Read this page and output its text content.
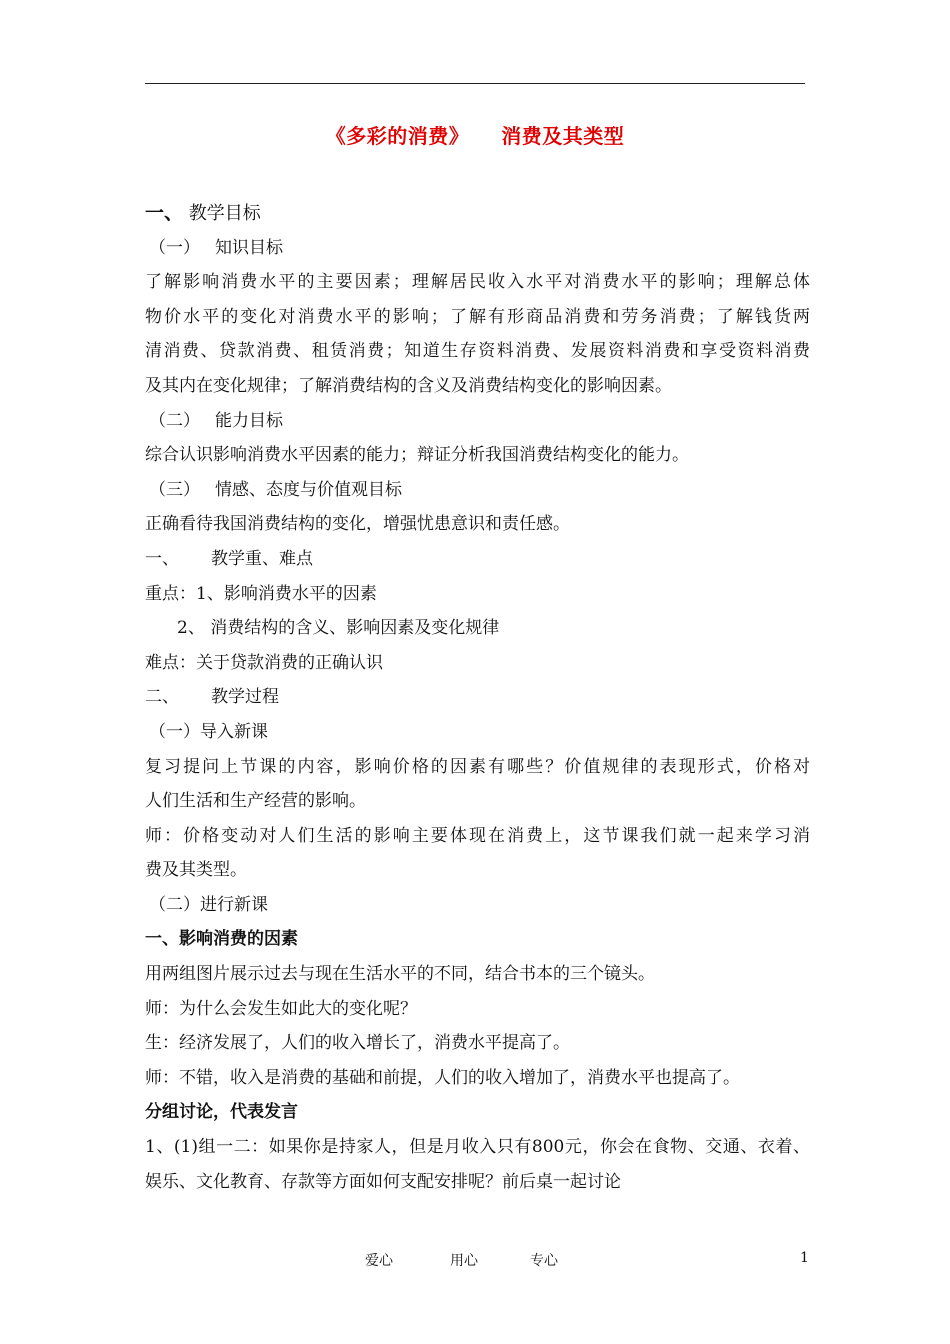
《多彩的消费》 消费及其类型
一、 教学目标
（一） 知识目标
了解影响消费水平的主要因素；理解居民收入水平对消费水平的影响；理解总体
物价水平的变化对消费水平的影响；了解有形商品消费和劳务消费；了解钱货两
清消费、贷款消费、租赁消费；知道生存资料消费、发展资料消费和享受资料消费
及其内在变化规律；了解消费结构的含义及消费结构变化的影响因素。
（二） 能力目标
综合认识影响消费水平因素的能力；辩证分析我国消费结构变化的能力。
（三） 情感、态度与价值观目标
正确看待我国消费结构的变化，增强忧患意识和责任感。
一、 教学重、难点
重点：1、影响消费水平的因素
2、 消费结构的含义、影响因素及变化规律
难点：关于贷款消费的正确认识
二、 教学过程
（一）导入新课
复习提问上节课的内容，影响价格的因素有哪些？价值规律的表现形式，价格对
人们生活和生产经营的影响。
师：价格变动对人们生活的影响主要体现在消费上，这节课我们就一起来学习消
费及其类型。
（二）进行新课
一、影响消费的因素
用两组图片展示过去与现在生活水平的不同，结合书本的三个镜头。
师：为什么会发生如此大的变化呢？
生：经济发展了，人们的收入增长了，消费水平提高了。
师：不错，收入是消费的基础和前提，人们的收入增加了，消费水平也提高了。
分组讨论，代表发言
1、(1)组一二：如果你是持家人，但是月收入只有800元，你会在食物、交通、衣着、
娱乐、文化教育、存款等方面如何支配安排呢？前后桌一起讨论
爱心	用心	专心	1
